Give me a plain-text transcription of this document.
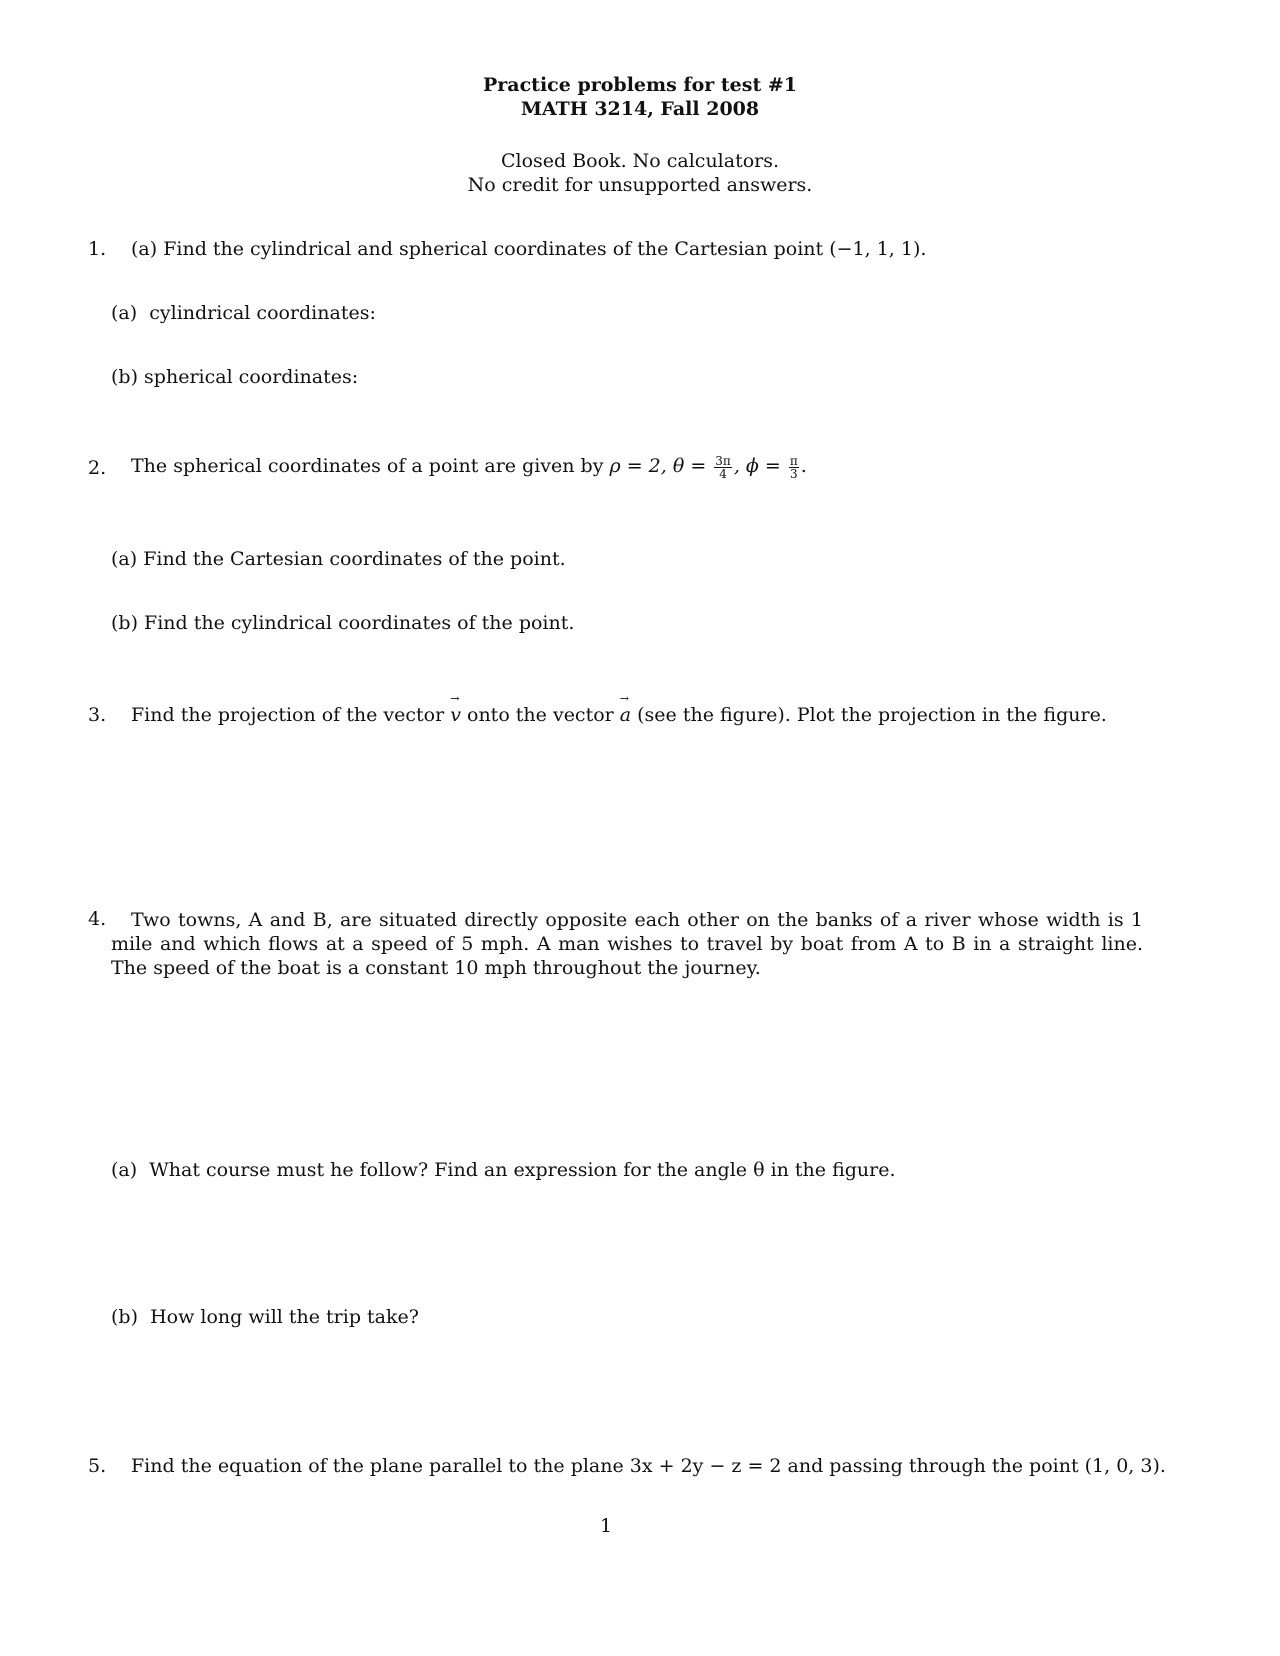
Practice problems for test #1
MATH 3214, Fall 2008
Closed Book. No calculators.
No credit for unsupported answers.
1. (a) Find the cylindrical and spherical coordinates of the Cartesian point (−1, 1, 1).
(a) cylindrical coordinates:
(b) spherical coordinates:
2. The spherical coordinates of a point are given by ρ = 2, $\theta = \frac{3\pi}{4}$ , $\phi = \frac{\pi}{3}$ .
(a) Find the Cartesian coordinates of the point.
(b) Find the cylindrical coordinates of the point.
3. Find the projection of the vector → v onto the vector → a (see the figure). Plot the projection in the figure.
4.	Two towns, A and B, are situated directly opposite each other on the banks of a river whose width is 1 mile and which flows at a speed of 5 mph. A man wishes to travel by boat from A to B in a straight line. The speed of the boat is a constant 10 mph throughout the journey.
(a) What course must he follow? Find an expression for the angle θ in the figure.
(b) How long will the trip take?
5. Find the equation of the plane parallel to the plane 3x + 2y − z = 2 and passing through the point (1, 0, 3).
1
